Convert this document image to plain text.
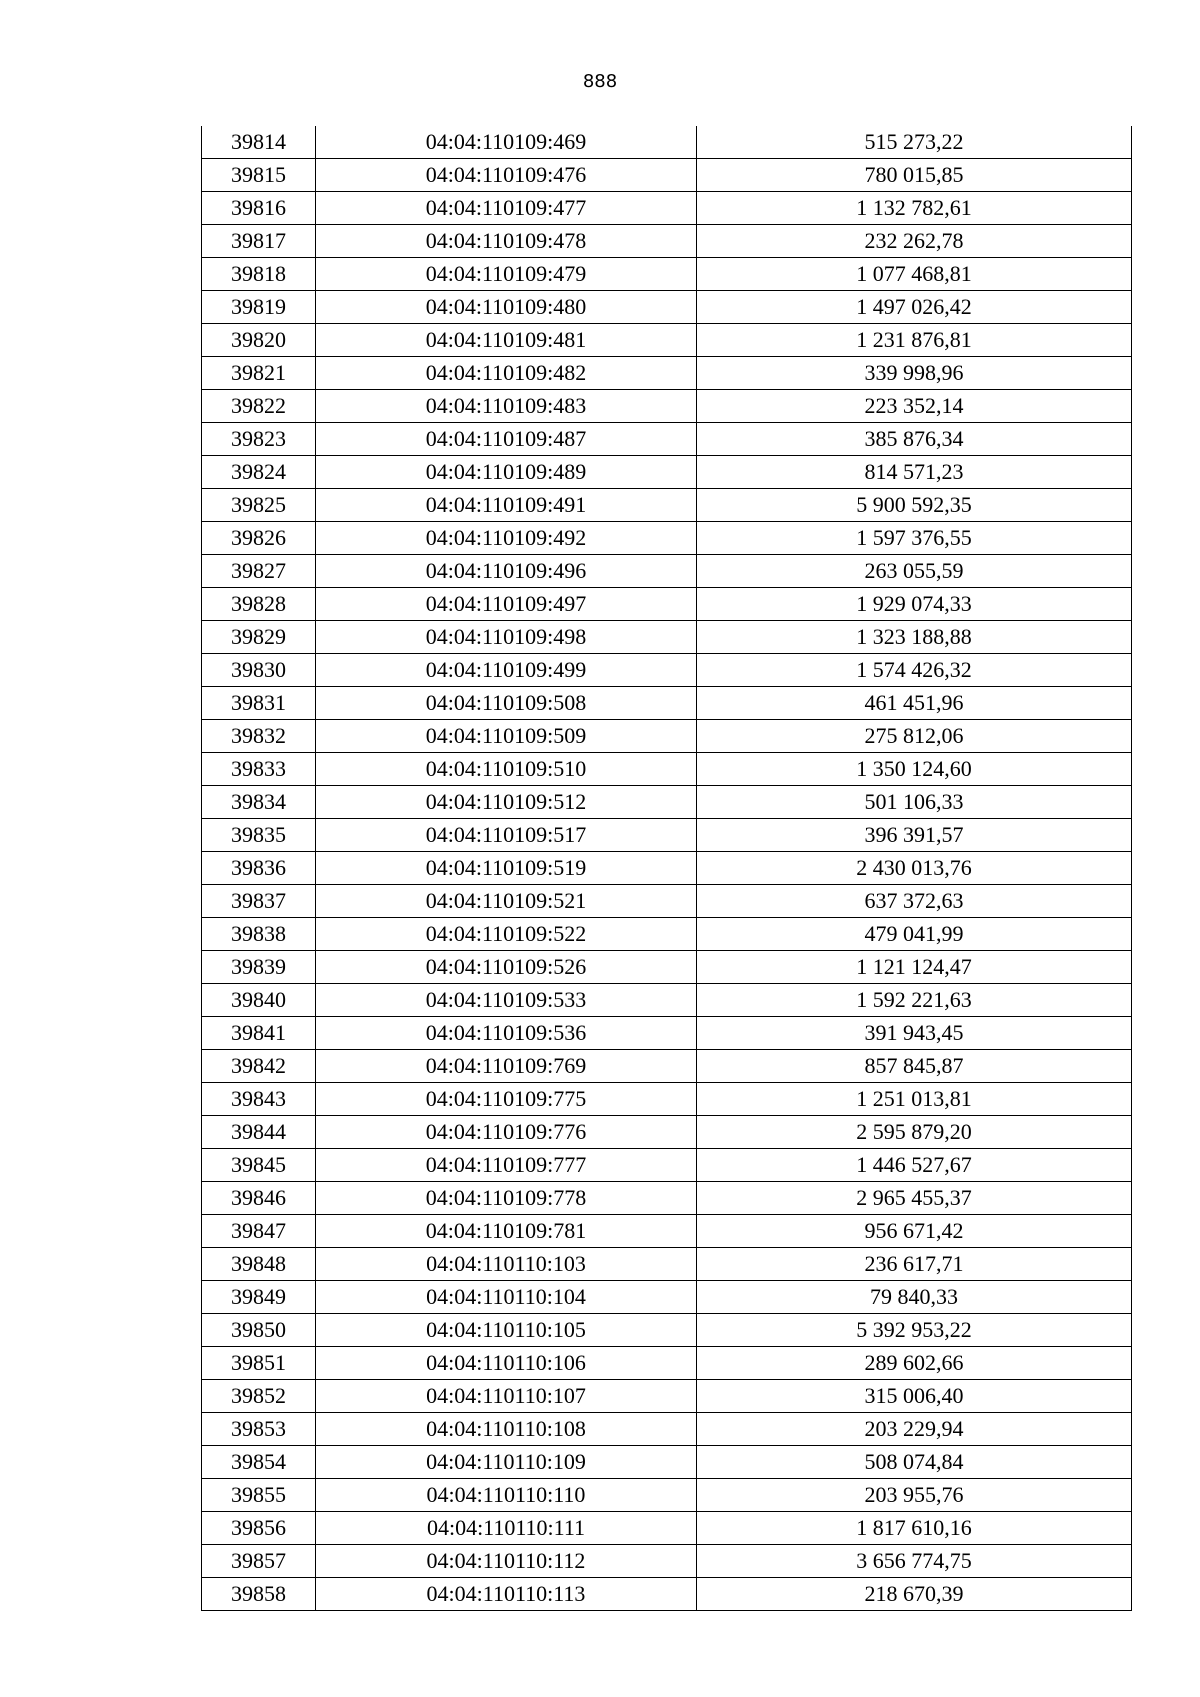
888
39814	04:04:110109:469	515 273,22
39815	04:04:110109:476	780 015,85
39816	04:04:110109:477	1 132 782,61
39817	04:04:110109:478	232 262,78
39818	04:04:110109:479	1 077 468,81
39819	04:04:110109:480	1 497 026,42
39820	04:04:110109:481	1 231 876,81
39821	04:04:110109:482	339 998,96
39822	04:04:110109:483	223 352,14
39823	04:04:110109:487	385 876,34
39824	04:04:110109:489	814 571,23
39825	04:04:110109:491	5 900 592,35
39826	04:04:110109:492	1 597 376,55
39827	04:04:110109:496	263 055,59
39828	04:04:110109:497	1 929 074,33
39829	04:04:110109:498	1 323 188,88
39830	04:04:110109:499	1 574 426,32
39831	04:04:110109:508	461 451,96
39832	04:04:110109:509	275 812,06
39833	04:04:110109:510	1 350 124,60
39834	04:04:110109:512	501 106,33
39835	04:04:110109:517	396 391,57
39836	04:04:110109:519	2 430 013,76
39837	04:04:110109:521	637 372,63
39838	04:04:110109:522	479 041,99
39839	04:04:110109:526	1 121 124,47
39840	04:04:110109:533	1 592 221,63
39841	04:04:110109:536	391 943,45
39842	04:04:110109:769	857 845,87
39843	04:04:110109:775	1 251 013,81
39844	04:04:110109:776	2 595 879,20
39845	04:04:110109:777	1 446 527,67
39846	04:04:110109:778	2 965 455,37
39847	04:04:110109:781	956 671,42
39848	04:04:110110:103	236 617,71
39849	04:04:110110:104	79 840,33
39850	04:04:110110:105	5 392 953,22
39851	04:04:110110:106	289 602,66
39852	04:04:110110:107	315 006,40
39853	04:04:110110:108	203 229,94
39854	04:04:110110:109	508 074,84
39855	04:04:110110:110	203 955,76
39856	04:04:110110:111	1 817 610,16
39857	04:04:110110:112	3 656 774,75
39858	04:04:110110:113	218 670,39
